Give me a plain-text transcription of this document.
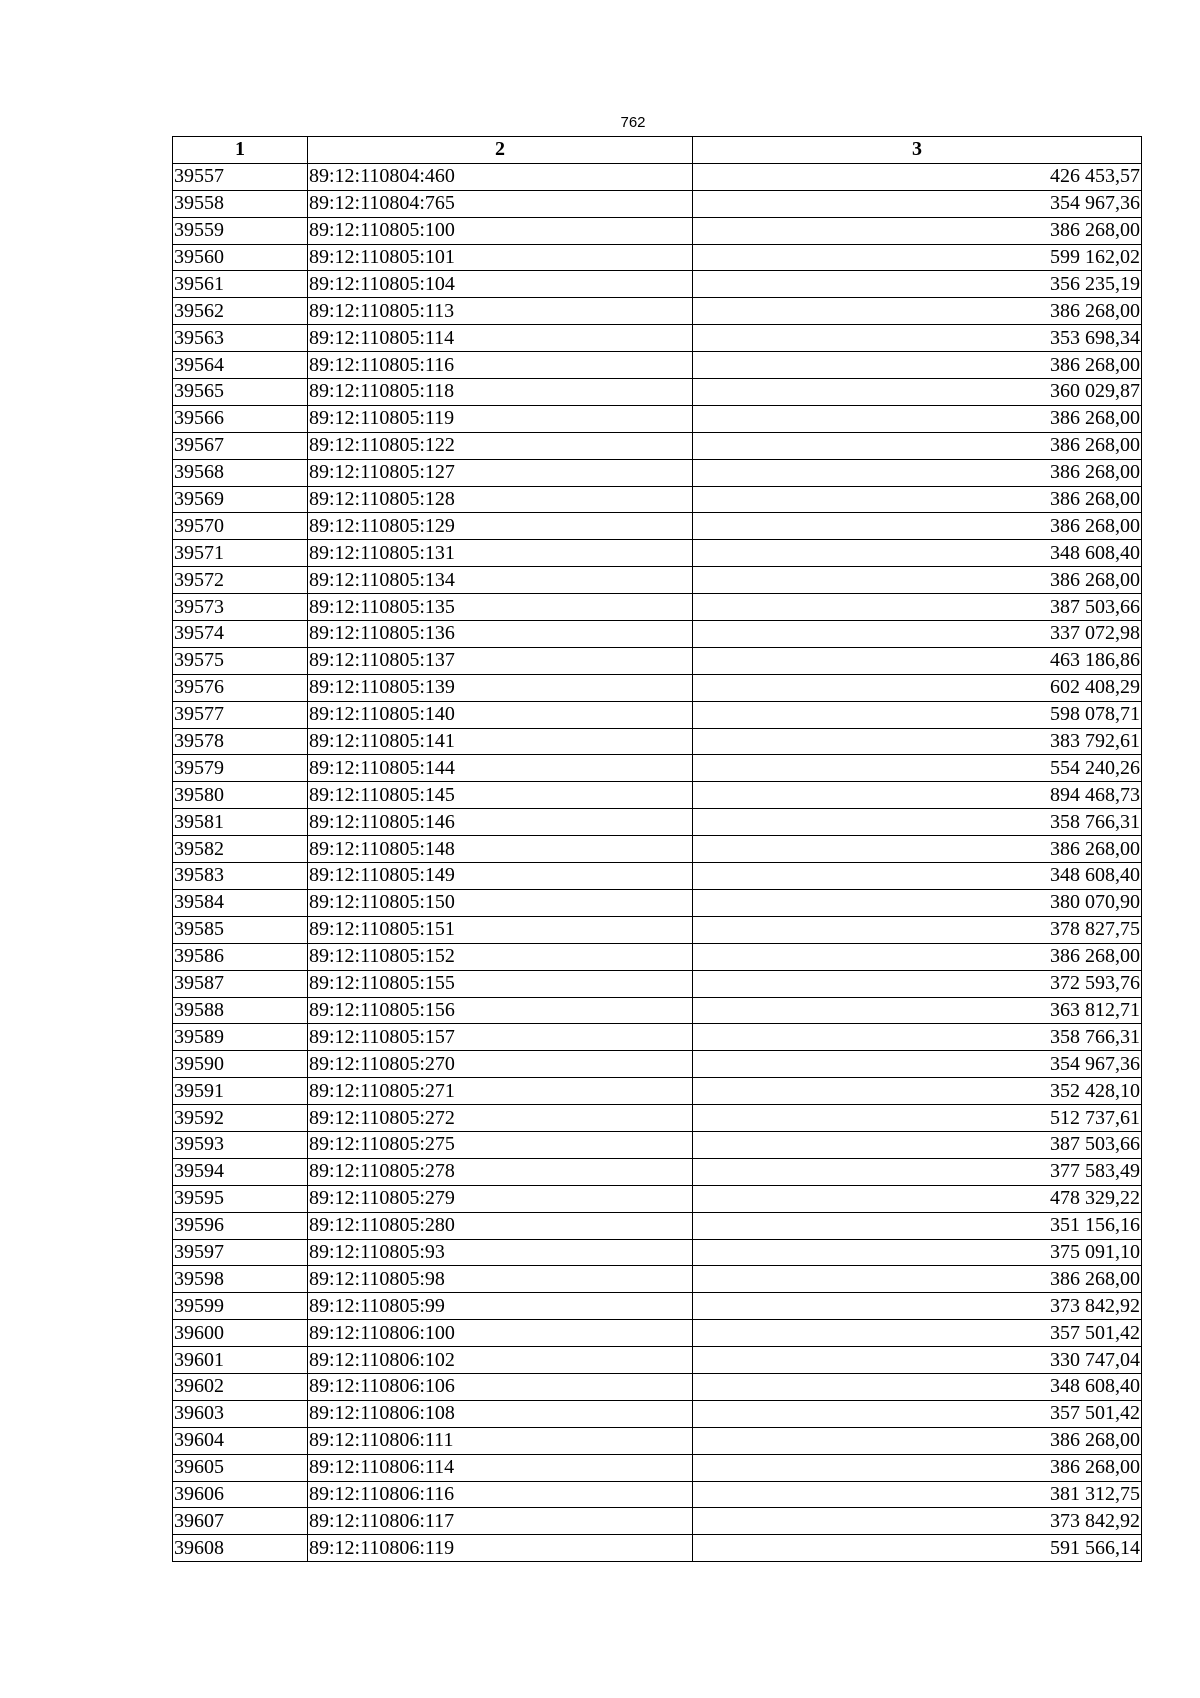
762
1	2	3
39557	89:12:110804:460	426 453,57
39558	89:12:110804:765	354 967,36
39559	89:12:110805:100	386 268,00
39560	89:12:110805:101	599 162,02
39561	89:12:110805:104	356 235,19
39562	89:12:110805:113	386 268,00
39563	89:12:110805:114	353 698,34
39564	89:12:110805:116	386 268,00
39565	89:12:110805:118	360 029,87
39566	89:12:110805:119	386 268,00
39567	89:12:110805:122	386 268,00
39568	89:12:110805:127	386 268,00
39569	89:12:110805:128	386 268,00
39570	89:12:110805:129	386 268,00
39571	89:12:110805:131	348 608,40
39572	89:12:110805:134	386 268,00
39573	89:12:110805:135	387 503,66
39574	89:12:110805:136	337 072,98
39575	89:12:110805:137	463 186,86
39576	89:12:110805:139	602 408,29
39577	89:12:110805:140	598 078,71
39578	89:12:110805:141	383 792,61
39579	89:12:110805:144	554 240,26
39580	89:12:110805:145	894 468,73
39581	89:12:110805:146	358 766,31
39582	89:12:110805:148	386 268,00
39583	89:12:110805:149	348 608,40
39584	89:12:110805:150	380 070,90
39585	89:12:110805:151	378 827,75
39586	89:12:110805:152	386 268,00
39587	89:12:110805:155	372 593,76
39588	89:12:110805:156	363 812,71
39589	89:12:110805:157	358 766,31
39590	89:12:110805:270	354 967,36
39591	89:12:110805:271	352 428,10
39592	89:12:110805:272	512 737,61
39593	89:12:110805:275	387 503,66
39594	89:12:110805:278	377 583,49
39595	89:12:110805:279	478 329,22
39596	89:12:110805:280	351 156,16
39597	89:12:110805:93	375 091,10
39598	89:12:110805:98	386 268,00
39599	89:12:110805:99	373 842,92
39600	89:12:110806:100	357 501,42
39601	89:12:110806:102	330 747,04
39602	89:12:110806:106	348 608,40
39603	89:12:110806:108	357 501,42
39604	89:12:110806:111	386 268,00
39605	89:12:110806:114	386 268,00
39606	89:12:110806:116	381 312,75
39607	89:12:110806:117	373 842,92
39608	89:12:110806:119	591 566,14
